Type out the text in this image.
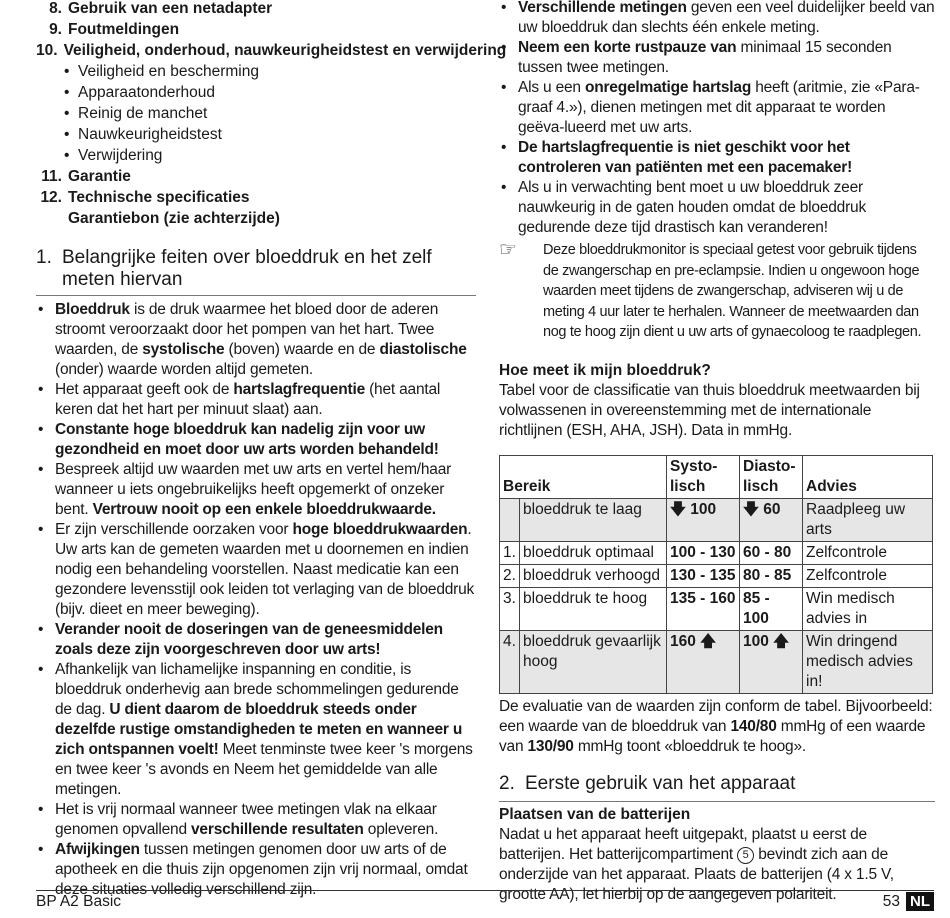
8. Gebruik van een netadapter
9. Foutmeldingen
10. Veiligheid, onderhoud, nauwkeurigheidstest en verwijdering
• Veiligheid en bescherming
• Apparaatonderhoud
• Reinig de manchet
• Nauwkeurigheidstest
• Verwijdering
11. Garantie
12. Technische specificaties
Garantiebon (zie achterzijde)
1. Belangrijke feiten over bloeddruk en het zelf meten hiervan
• Bloeddruk is de druk waarmee het bloed door de aderen stroomt veroorzaakt door het pompen van het hart. Twee waarden, de systolische (boven) waarde en de diastolische (onder) waarde worden altijd gemeten.
• Het apparaat geeft ook de hartslagfrequentie (het aantal keren dat het hart per minuut slaat) aan.
• Constante hoge bloeddruk kan nadelig zijn voor uw gezondheid en moet door uw arts worden behandeld!
• Bespreek altijd uw waarden met uw arts en vertel hem/haar wanneer u iets ongebruikelijks heeft opgemerkt of onzeker bent. Vertrouw nooit op een enkele bloeddrukwaarde.
• Er zijn verschillende oorzaken voor hoge bloeddrukwaarden. Uw arts kan de gemeten waarden met u doornemen en indien nodig een behandeling voorstellen. Naast medicatie kan een gezondere levensstijl ook leiden tot verlaging van de bloeddruk (bijv. dieet en meer beweging).
• Verander nooit de doseringen van de geneesmiddelen zoals deze zijn voorgeschreven door uw arts!
• Afhankelijk van lichamelijke inspanning en conditie, is bloeddruk onderhevig aan brede schommelingen gedurende de dag. U dient daarom de bloeddruk steeds onder dezelfde rustige omstandigheden te meten en wanneer u zich ontspannen voelt! Meet tenminste twee keer 's morgens en twee keer 's avonds en Neem het gemiddelde van alle metingen.
• Het is vrij normaal wanneer twee metingen vlak na elkaar genomen opvallend verschillende resultaten opleveren.
• Afwijkingen tussen metingen genomen door uw arts of de apotheek en die thuis zijn opgenomen zijn vrij normaal, omdat deze situaties volledig verschillend zijn.
• Verschillende metingen geven een veel duidelijker beeld van uw bloeddruk dan slechts één enkele meting.
• Neem een korte rustpauze van minimaal 15 seconden tussen twee metingen.
• Als u een onregelmatige hartslag heeft (aritmie, zie «Para-graaf 4.»), dienen metingen met dit apparaat te worden geëva-lueerd met uw arts.
• De hartslagfrequentie is niet geschikt voor het controleren van patiënten met een pacemaker!
• Als u in verwachting bent moet u uw bloeddruk zeer nauwkeurig in de gaten houden omdat de bloeddruk gedurende deze tijd drastisch kan veranderen!
☞	Deze bloeddrukmonitor is speciaal getest voor gebruik tijdens de zwangerschap en pre-eclampsie. Indien u ongewoon hoge waarden meet tijdens de zwangerschap, adviseren wij u de meting 4 uur later te herhalen. Wanneer de meetwaarden dan nog te hoog zijn dient u uw arts of gynaecoloog te raadplegen.
Hoe meet ik mijn bloeddruk?

Tabel voor de classificatie van thuis bloeddruk meetwaarden bij volwassenen in overeenstemming met de internationale richtlijnen (ESH, AHA, JSH). Data in mmHg.

Bereik		Systo-lisch	Diasto-lisch	Advies
	bloeddruk te laag	🡇 100	🡇 60	Raadpleeg uw arts
1.	bloeddruk optimaal	100 - 130	60 - 80	Zelfcontrole
2.	bloeddruk verhoogd	130 - 135	80 - 85	Zelfcontrole
3.	bloeddruk te hoog	135 - 160	85 - 100	Win medisch advies in
4.	bloeddruk gevaarlijk hoog	160 🡅	100 🡅	Win dringend medisch advies in!

De evaluatie van de waarden zijn conform de tabel. Bijvoorbeeld: een waarde van de bloeddruk van 140/80 mmHg of een waarde van 130/90 mmHg toont «bloeddruk te hoog».

2. Eerste gebruik van het apparaat
Plaatsen van de batterijen

Nadat u het apparaat heeft uitgepakt, plaatst u eerst de batterijen. Het batterijcompartiment 5 bevindt zich aan de onderzijde van het apparaat. Plaats de batterijen (4 x 1.5 V, grootte AA), let hierbij op de aangegeven polariteit.

BP A2 Basic	53 NL
